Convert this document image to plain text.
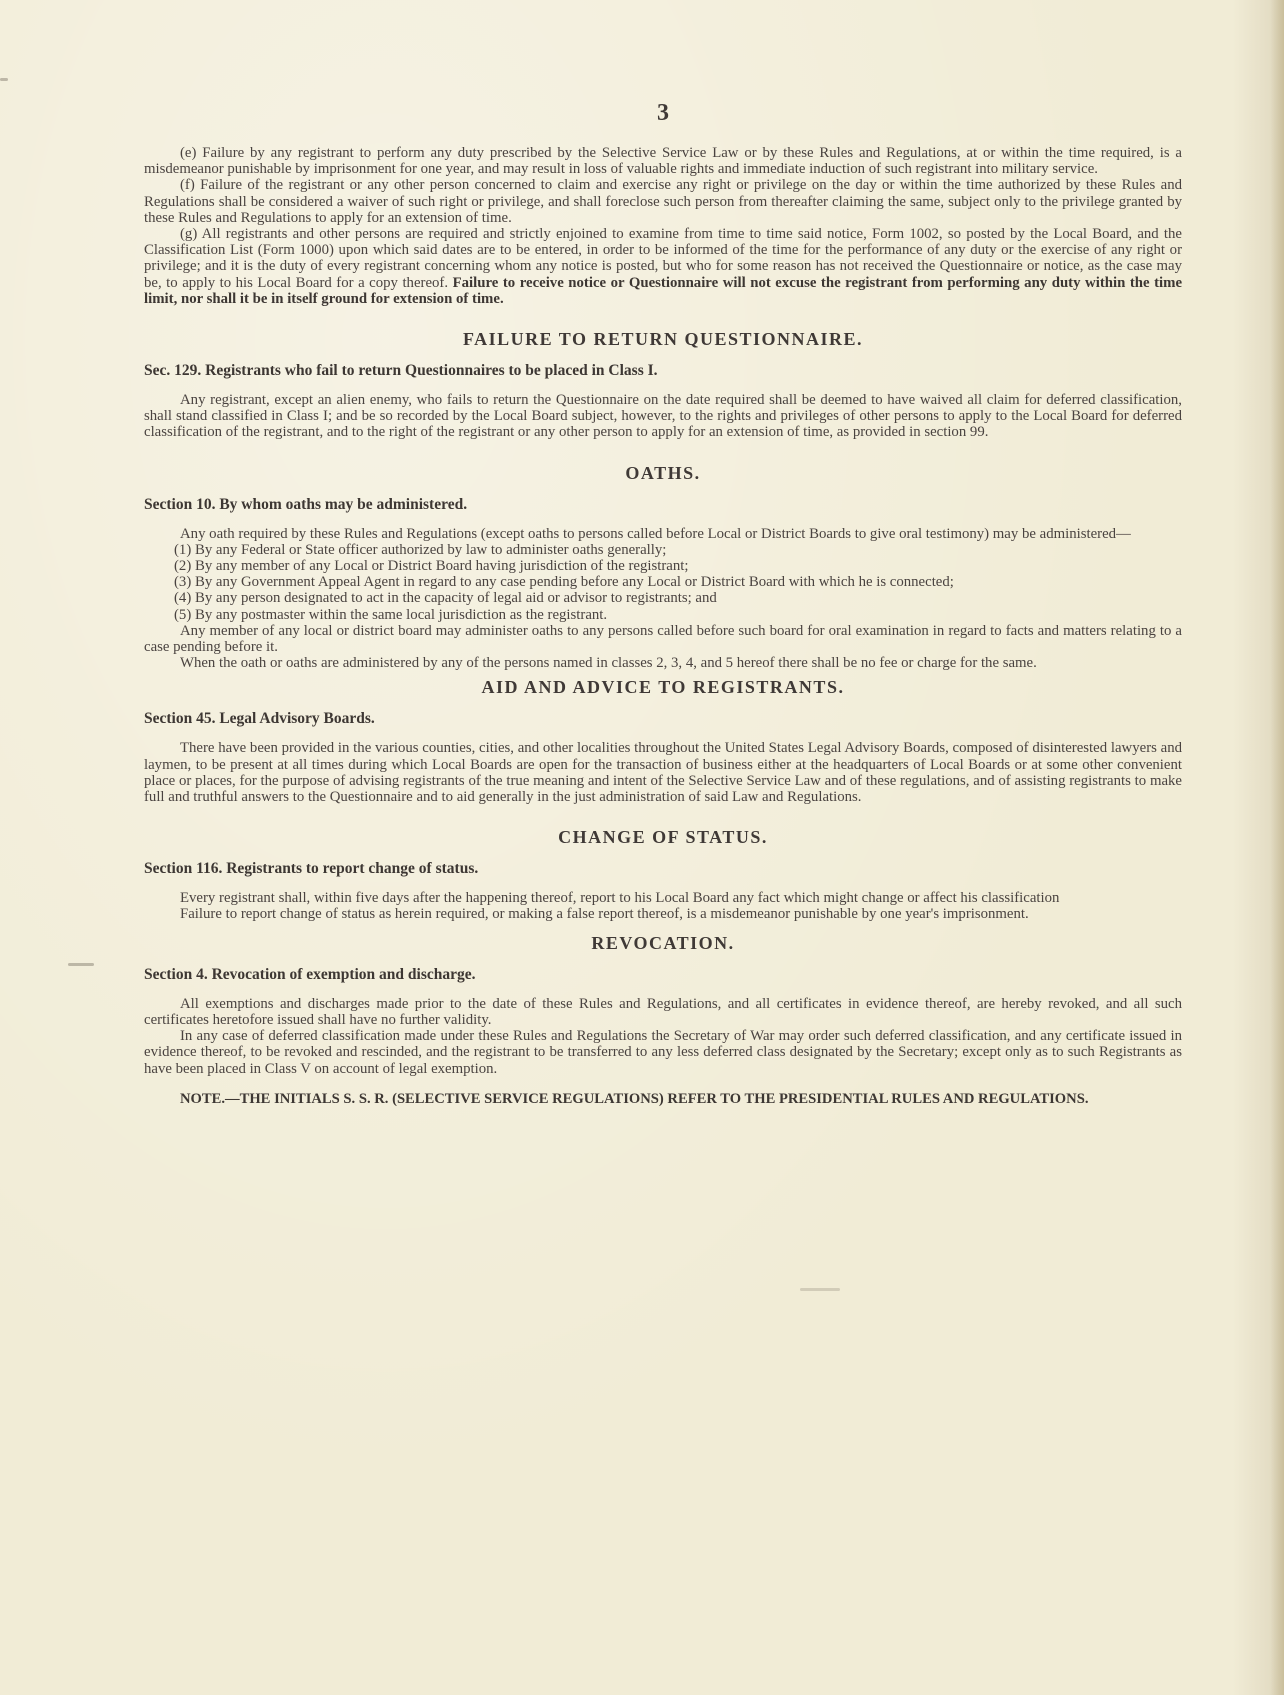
3

(e) Failure by any registrant to perform any duty prescribed by the Selective Service Law or by these Rules and Regulations, at or within the time required, is a misdemeanor punishable by imprisonment for one year, and may result in loss of valuable rights and immediate induction of such registrant into military service.

(f) Failure of the registrant or any other person concerned to claim and exercise any right or privilege on the day or within the time authorized by these Rules and Regulations shall be considered a waiver of such right or privilege, and shall foreclose such person from thereafter claiming the same, subject only to the privilege granted by these Rules and Regulations to apply for an extension of time.

(g) All registrants and other persons are required and strictly enjoined to examine from time to time said notice, Form 1002, so posted by the Local Board, and the Classification List (Form 1000) upon which said dates are to be entered, in order to be informed of the time for the performance of any duty or the exercise of any right or privilege; and it is the duty of every registrant concerning whom any notice is posted, but who for some reason has not received the Questionnaire or notice, as the case may be, to apply to his Local Board for a copy thereof. Failure to receive notice or Questionnaire will not excuse the registrant from performing any duty within the time limit, nor shall it be in itself ground for extension of time.

FAILURE TO RETURN QUESTIONNAIRE.
Sec. 129. Registrants who fail to return Questionnaires to be placed in Class I.

Any registrant, except an alien enemy, who fails to return the Questionnaire on the date required shall be deemed to have waived all claim for deferred classification, shall stand classified in Class I; and be so recorded by the Local Board subject, however, to the rights and privileges of other persons to apply to the Local Board for deferred classification of the registrant, and to the right of the registrant or any other person to apply for an extension of time, as provided in section 99.

OATHS.
Section 10. By whom oaths may be administered.

Any oath required by these Rules and Regulations (except oaths to persons called before Local or District Boards to give oral testimony) may be administered—

(1) By any Federal or State officer authorized by law to administer oaths generally;

(2) By any member of any Local or District Board having jurisdiction of the registrant;

(3) By any Government Appeal Agent in regard to any case pending before any Local or District Board with which he is connected;

(4) By any person designated to act in the capacity of legal aid or advisor to registrants; and

(5) By any postmaster within the same local jurisdiction as the registrant.

Any member of any local or district board may administer oaths to any persons called before such board for oral examination in regard to facts and matters relating to a case pending before it.

When the oath or oaths are administered by any of the persons named in classes 2, 3, 4, and 5 hereof there shall be no fee or charge for the same.

AID AND ADVICE TO REGISTRANTS.
Section 45. Legal Advisory Boards.

There have been provided in the various counties, cities, and other localities throughout the United States Legal Advisory Boards, composed of disinterested lawyers and laymen, to be present at all times during which Local Boards are open for the transaction of business either at the headquarters of Local Boards or at some other convenient place or places, for the purpose of advising registrants of the true meaning and intent of the Selective Service Law and of these regulations, and of assisting registrants to make full and truthful answers to the Questionnaire and to aid generally in the just administration of said Law and Regulations.

CHANGE OF STATUS.
Section 116. Registrants to report change of status.

Every registrant shall, within five days after the happening thereof, report to his Local Board any fact which might change or affect his classification

Failure to report change of status as herein required, or making a false report thereof, is a misdemeanor punishable by one year's imprisonment.

REVOCATION.
Section 4. Revocation of exemption and discharge.

All exemptions and discharges made prior to the date of these Rules and Regulations, and all certificates in evidence thereof, are hereby revoked, and all such certificates heretofore issued shall have no further validity.

In any case of deferred classification made under these Rules and Regulations the Secretary of War may order such deferred classification, and any certificate issued in evidence thereof, to be revoked and rescinded, and the registrant to be transferred to any less deferred class designated by the Secretary; except only as to such Registrants as have been placed in Class V on account of legal exemption.

NOTE.—THE INITIALS S. S. R. (SELECTIVE SERVICE REGULATIONS) REFER TO THE PRESIDENTIAL RULES AND REGULATIONS.
